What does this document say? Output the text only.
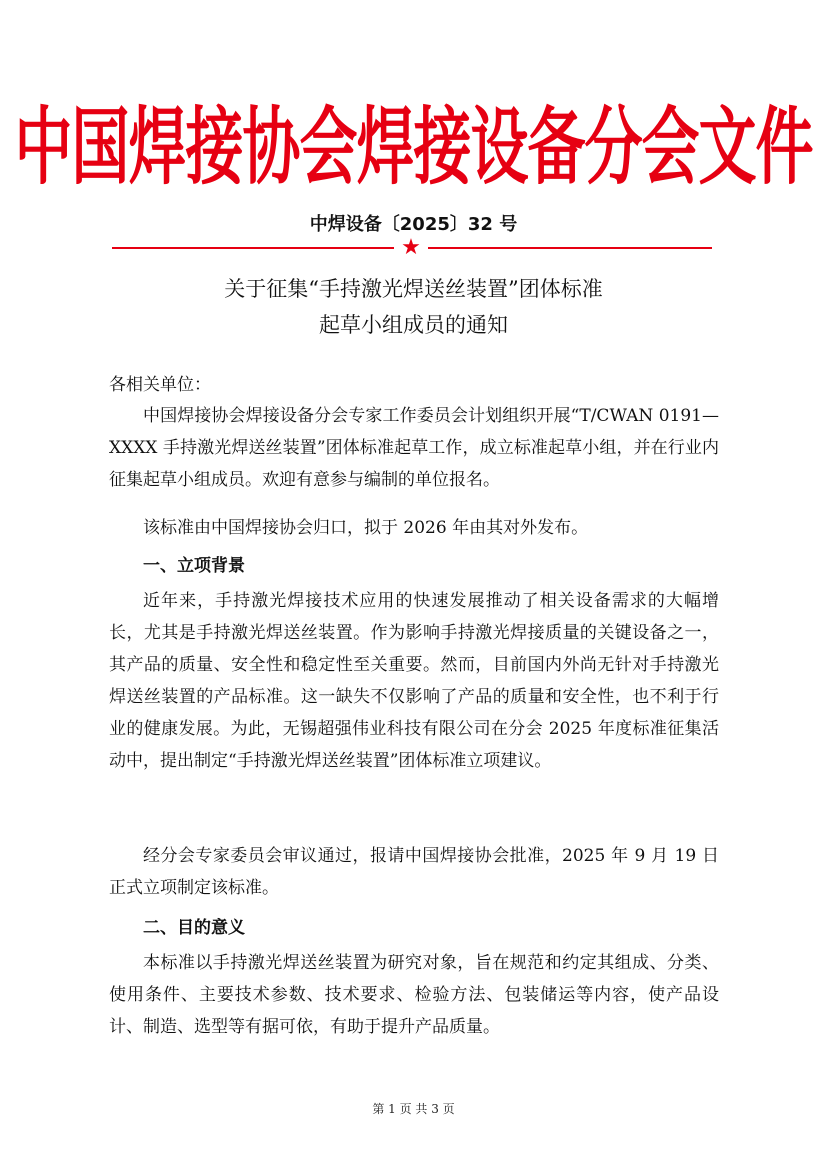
中国焊接协会焊接设备分会文件
中焊设备〔2025〕32 号
★
关于征集“手持激光焊送丝装置”团体标准
起草小组成员的通知
各相关单位：
中国焊接协会焊接设备分会专家工作委员会计划组织开展“T/CWAN 0191—XXXX 手持激光焊送丝装置”团体标准起草工作，成立标准起草小组，并在行业内征集起草小组成员。欢迎有意参与编制的单位报名。
该标准由中国焊接协会归口，拟于 2026 年由其对外发布。
一、立项背景
近年来，手持激光焊接技术应用的快速发展推动了相关设备需求的大幅增长，尤其是手持激光焊送丝装置。作为影响手持激光焊接质量的关键设备之一，其产品的质量、安全性和稳定性至关重要。然而，目前国内外尚无针对手持激光焊送丝装置的产品标准。这一缺失不仅影响了产品的质量和安全性，也不利于行业的健康发展。为此，无锡超强伟业科技有限公司在分会 2025 年度标准征集活动中，提出制定“手持激光焊送丝装置”团体标准立项建议。
经分会专家委员会审议通过，报请中国焊接协会批准，2025 年 9 月 19 日正式立项制定该标准。
二、目的意义
本标准以手持激光焊送丝装置为研究对象，旨在规范和约定其组成、分类、使用条件、主要技术参数、技术要求、检验方法、包装储运等内容，使产品设计、制造、选型等有据可依，有助于提升产品质量。
第 1 页 共 3 页
